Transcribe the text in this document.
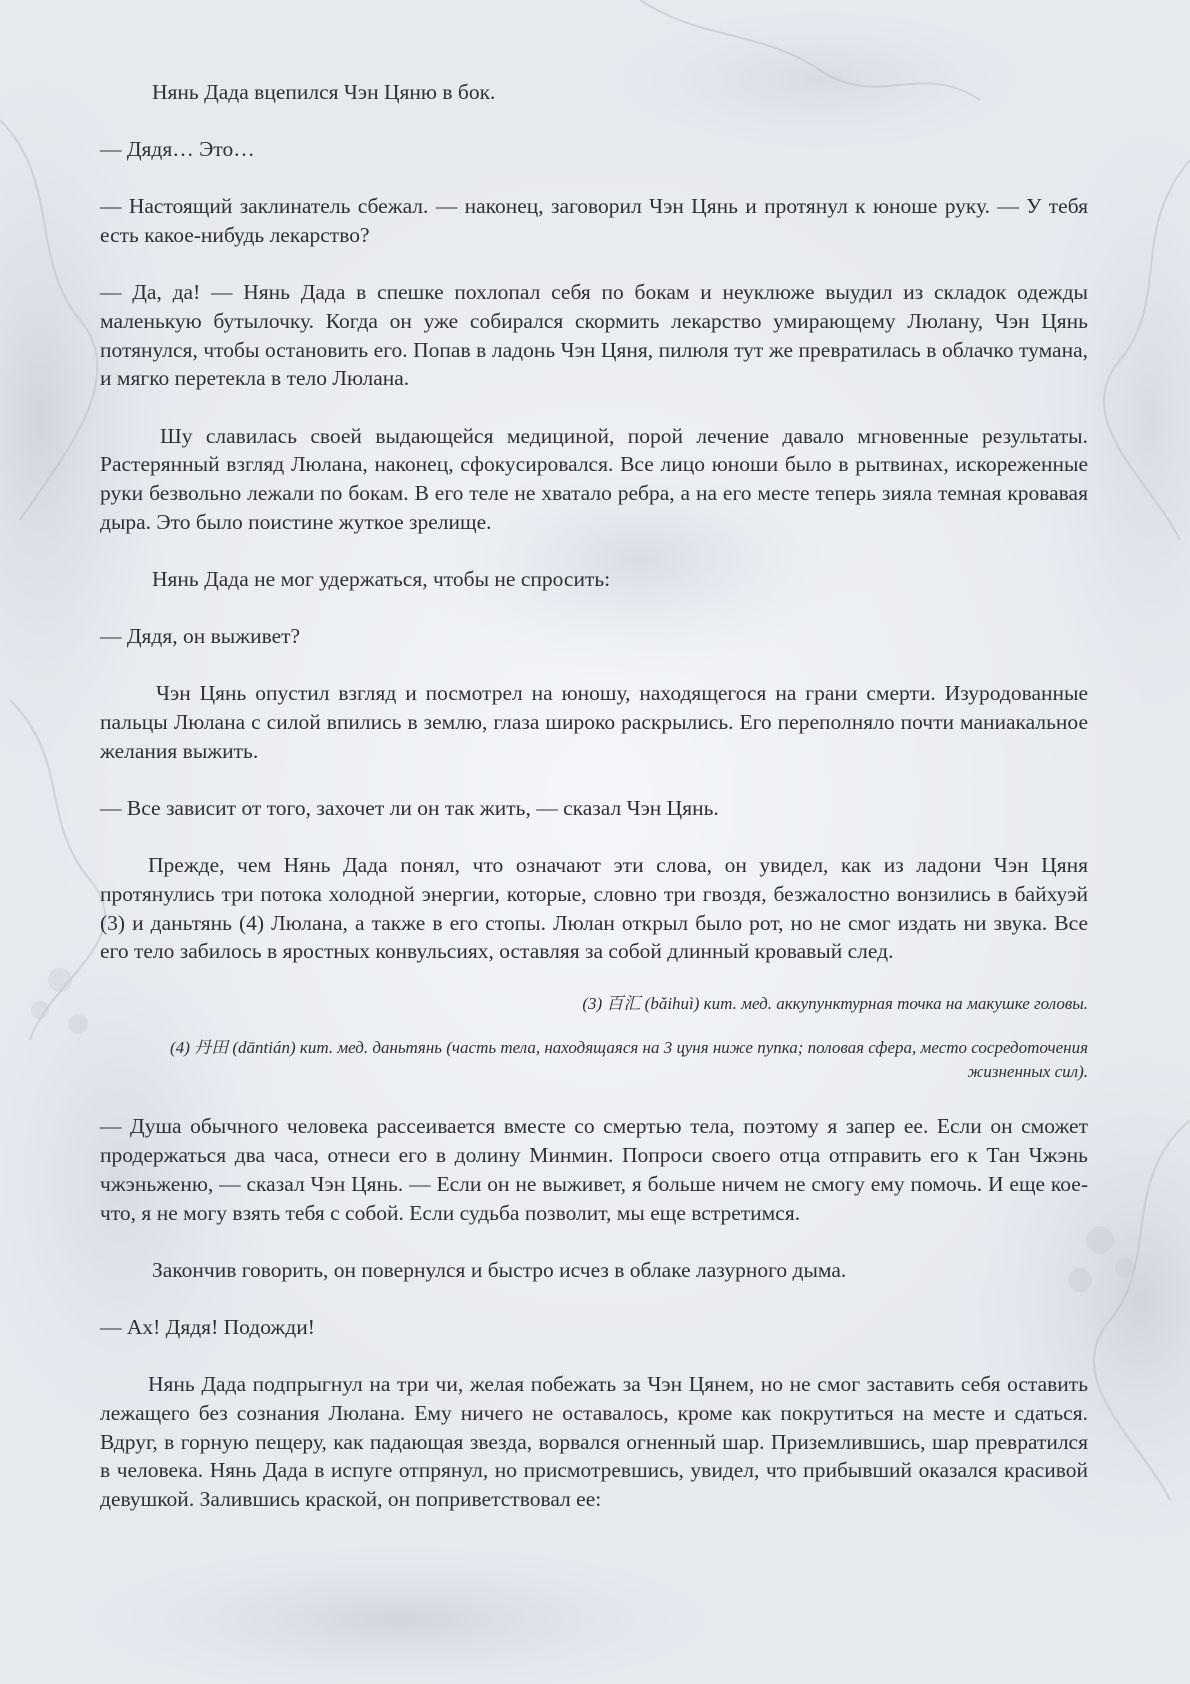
Нянь Дада вцепился Чэн Цяню в бок.

— Дядя… Это…

— Настоящий заклинатель сбежал. — наконец, заговорил Чэн Цянь и протянул к юноше руку. — У тебя есть какое-нибудь лекарство?

— Да, да! — Нянь Дада в спешке похлопал себя по бокам и неуклюже выудил из складок одежды маленькую бутылочку. Когда он уже собирался скормить лекарство умирающему Люлану, Чэн Цянь потянулся, чтобы остановить его. Попав в ладонь Чэн Цяня, пилюля тут же превратилась в облачко тумана, и мягко перетекла в тело Люлана.

Шу славилась своей выдающейся медициной, порой лечение давало мгновенные результаты. Растерянный взгляд Люлана, наконец, сфокусировался. Все лицо юноши было в рытвинах, искореженные руки безвольно лежали по бокам. В его теле не хватало ребра, а на его месте теперь зияла темная кровавая дыра. Это было поистине жуткое зрелище.

Нянь Дада не мог удержаться, чтобы не спросить:

— Дядя, он выживет?

Чэн Цянь опустил взгляд и посмотрел на юношу, находящегося на грани смерти. Изуродованные пальцы Люлана с силой впились в землю, глаза широко раскрылись. Его переполняло почти маниакальное желания выжить.

— Все зависит от того, захочет ли он так жить, — сказал Чэн Цянь.

Прежде, чем Нянь Дада понял, что означают эти слова, он увидел, как из ладони Чэн Цяня протянулись три потока холодной энергии, которые, словно три гвоздя, безжалостно вонзились в байхуэй (3) и даньтянь (4) Люлана, а также в его стопы. Люлан открыл было рот, но не смог издать ни звука. Все его тело забилось в яростных конвульсиях, оставляя за собой длинный кровавый след.

(3) 百汇 (bǎihuì) кит. мед. аккупунктурная точка на макушке головы.

(4) 丹田 (dāntián) кит. мед. даньтянь (часть тела, находящаяся на 3 цуня ниже пупка; половая сфера, место сосредоточения жизненных сил).

— Душа обычного человека рассеивается вместе со смертью тела, поэтому я запер ее. Если он сможет продержаться два часа, отнеси его в долину Минмин. Попроси своего отца отправить его к Тан Чжэнь чжэньженю, — сказал Чэн Цянь. — Если он не выживет, я больше ничем не смогу ему помочь. И еще кое-что, я не могу взять тебя с собой. Если судьба позволит, мы еще встретимся.

Закончив говорить, он повернулся и быстро исчез в облаке лазурного дыма.

— Ах! Дядя! Подожди!

Нянь Дада подпрыгнул на три чи, желая побежать за Чэн Цянем, но не смог заставить себя оставить лежащего без сознания Люлана. Ему ничего не оставалось, кроме как покрутиться на месте и сдаться. Вдруг, в горную пещеру, как падающая звезда, ворвался огненный шар. Приземлившись, шар превратился в человека. Нянь Дада в испуге отпрянул, но присмотревшись, увидел, что прибывший оказался красивой девушкой. Залившись краской, он поприветствовал ее:
